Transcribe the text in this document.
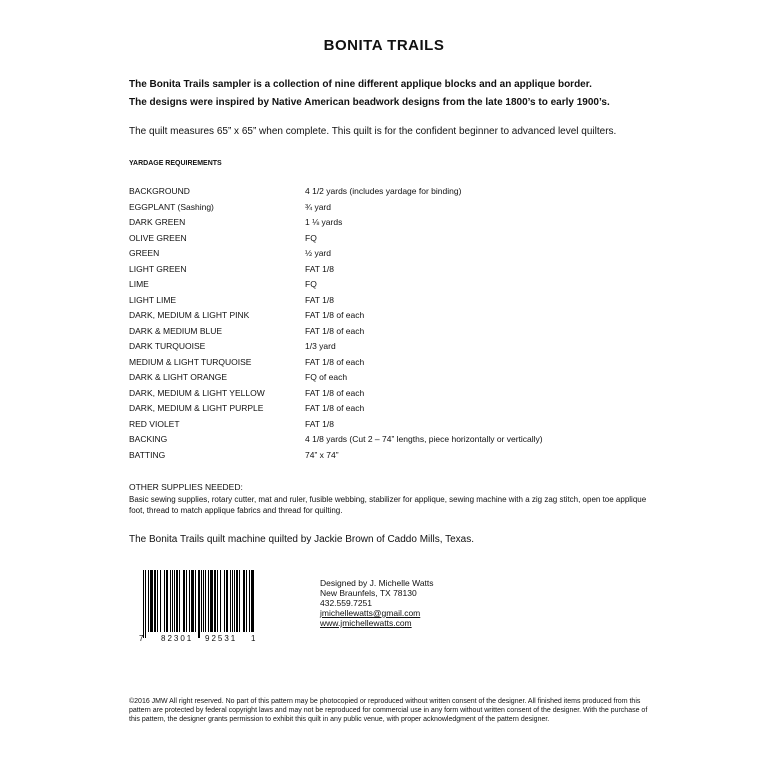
BONITA TRAILS
The Bonita Trails sampler is a collection of nine different applique blocks and an applique border.
The designs were inspired by Native American beadwork designs from the late 1800’s to early 1900’s.
The quilt measures 65” x 65” when complete. This quilt is for the confident beginner to advanced level quilters.
YARDAGE REQUIREMENTS
BACKGROUND	4 1/2 yards (includes yardage for binding)
EGGPLANT (Sashing)	¾ yard
DARK GREEN	1 ⅛ yards
OLIVE GREEN	FQ
GREEN	½ yard
LIGHT GREEN	FAT 1/8
LIME	FQ
LIGHT LIME	FAT 1/8
DARK, MEDIUM & LIGHT PINK	FAT 1/8 of each
DARK & MEDIUM BLUE	FAT 1/8 of each
DARK TURQUOISE	1/3 yard
MEDIUM & LIGHT TURQUOISE	FAT 1/8 of each
DARK & LIGHT ORANGE	FQ of each
DARK, MEDIUM & LIGHT YELLOW	FAT 1/8 of each
DARK, MEDIUM & LIGHT PURPLE	FAT 1/8 of each
RED VIOLET	FAT 1/8
BACKING	4 1/8 yards (Cut 2 – 74” lengths, piece horizontally or vertically)
BATTING	74” x 74”
OTHER SUPPLIES NEEDED:
Basic sewing supplies, rotary cutter, mat and ruler, fusible webbing, stabilizer for applique, sewing machine with a zig zag stitch, open toe applique foot, thread to match applique fabrics and thread for quilting.
The Bonita Trails quilt machine quilted by Jackie Brown of Caddo Mills, Texas.
7 82301 92531 1
Designed by J. Michelle Watts
New Braunfels, TX 78130
432.559.7251
jmichellewatts@gmail.com
www.jmichellewatts.com
©2016 JMW All right reserved. No part of this pattern may be photocopied or reproduced without written consent of the designer. All finished items produced from this pattern are protected by federal copyright laws and may not be reproduced for commercial use in any form without written consent of the designer. With the purchase of this pattern, the designer grants permission to exhibit this quilt in any public venue, with proper acknowledgment of the pattern designer.
